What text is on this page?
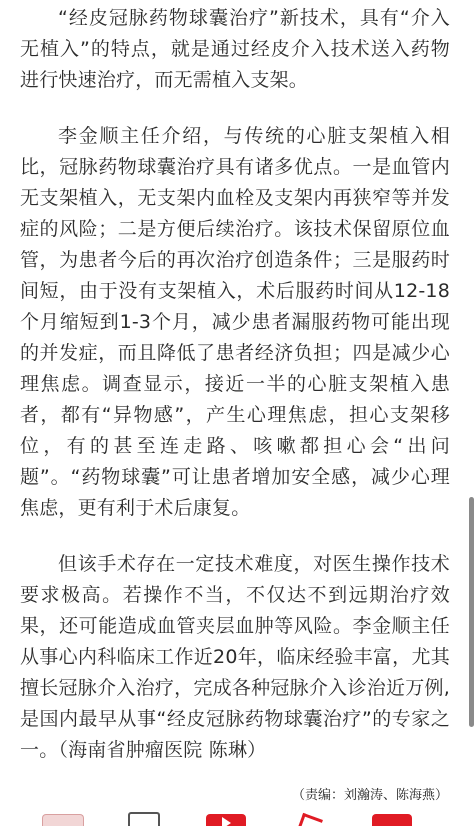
“经皮冠脉药物球囊治疗”新技术，具有“介入无植入”的特点，就是通过经皮介入技术送入药物进行快速治疗，而无需植入支架。

李金顺主任介绍，与传统的心脏支架植入相比，冠脉药物球囊治疗具有诸多优点。一是血管内无支架植入，无支架内血栓及支架内再狭窄等并发症的风险；二是方便后续治疗。该技术保留原位血管，为患者今后的再次治疗创造条件；三是服药时间短，由于没有支架植入，术后服药时间从12-18个月缩短到1-3个月，减少患者漏服药物可能出现的并发症，而且降低了患者经济负担；四是减少心理焦虑。调查显示，接近一半的心脏支架植入患者，都有“异物感”，产生心理焦虑，担心支架移位，有的甚至连走路、咳嗽都担心会“出问题”。“药物球囊”可让患者增加安全感，减少心理焦虑，更有利于术后康复。

但该手术存在一定技术难度，对医生操作技术要求极高。若操作不当，不仅达不到远期治疗效果，还可能造成血管夹层血肿等风险。李金顺主任从事心内科临床工作近20年，临床经验丰富，尤其擅长冠脉介入治疗，完成各种冠脉介入诊治近万例,是国内最早从事“经皮冠脉药物球囊治疗”的专家之一。（海南省肿瘤医院 陈琳）

（责编：刘瀚涛、陈海燕）
